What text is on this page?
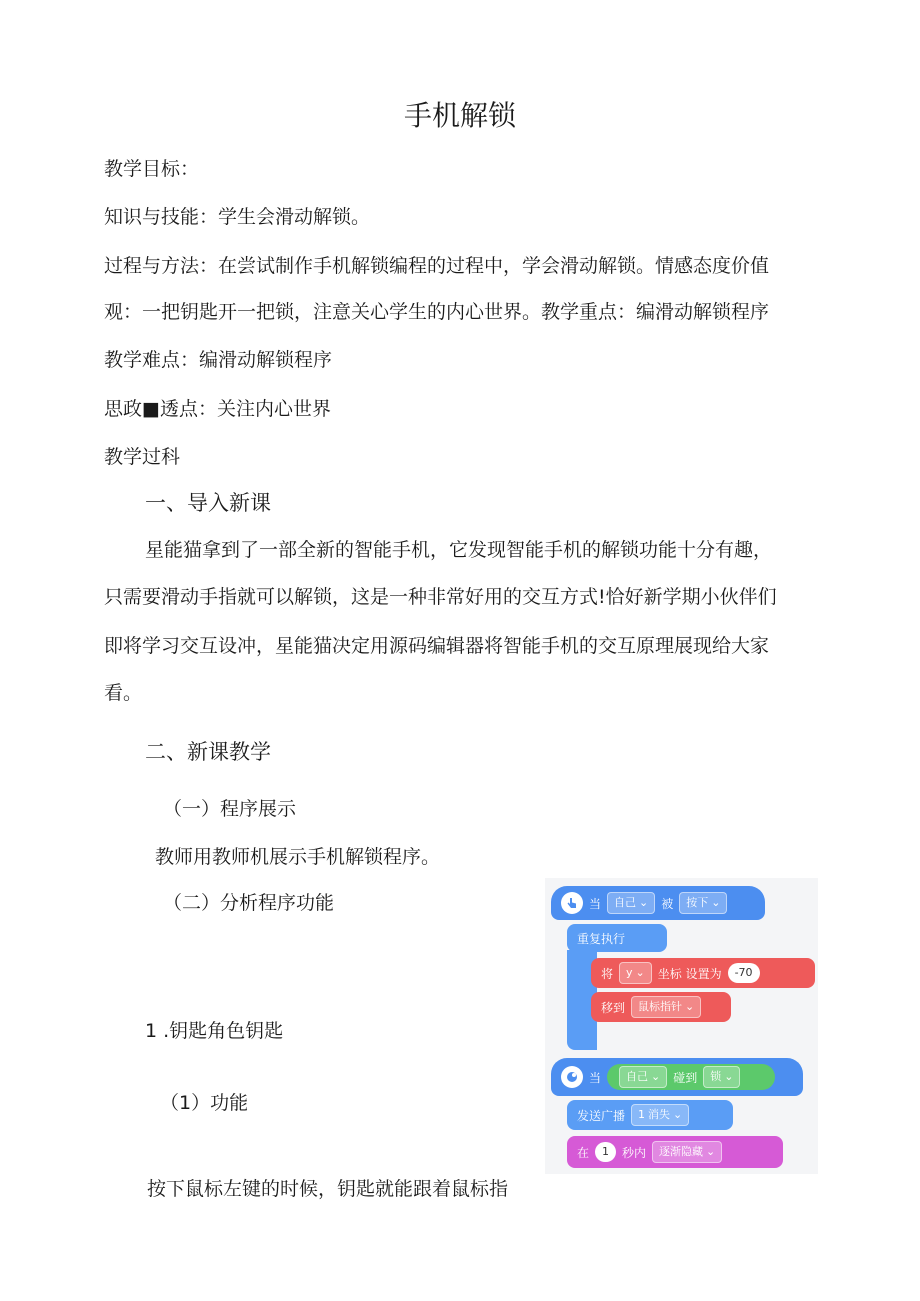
手机解锁
教学目标：
知识与技能：学生会滑动解锁。
过程与方法：在尝试制作手机解锁编程的过程中，学会滑动解锁。情感态度价值
观：一把钥匙开一把锁，注意关心学生的内心世界。教学重点：编滑动解锁程序
教学难点：编滑动解锁程序
思政■透点：关注内心世界
教学过科
一、导入新课
星能猫拿到了一部全新的智能手机，它发现智能手机的解锁功能十分有趣，
只需要滑动手指就可以解锁，这是一种非常好用的交互方式!恰好新学期小伙伴们
即将学习交互设冲，星能猫决定用源码编辑器将智能手机的交互原理展现给大家
看。
二、新课教学
（一）程序展示
教师用教师机展示手机解锁程序。
（二）分析程序功能
1 .钥匙角色钥匙
（1）功能
按下鼠标左键的时候，钥匙就能跟着鼠标指
当 自己 ⌄ 被 按下 ⌄
重复执行
将 y ⌄ 坐标 设置为	-70
移到 鼠标指针 ⌄
当 自己 ⌄ 碰到 锁 ⌄
发送广播 1 消失 ⌄
在	1	秒内 逐渐隐藏 ⌄
